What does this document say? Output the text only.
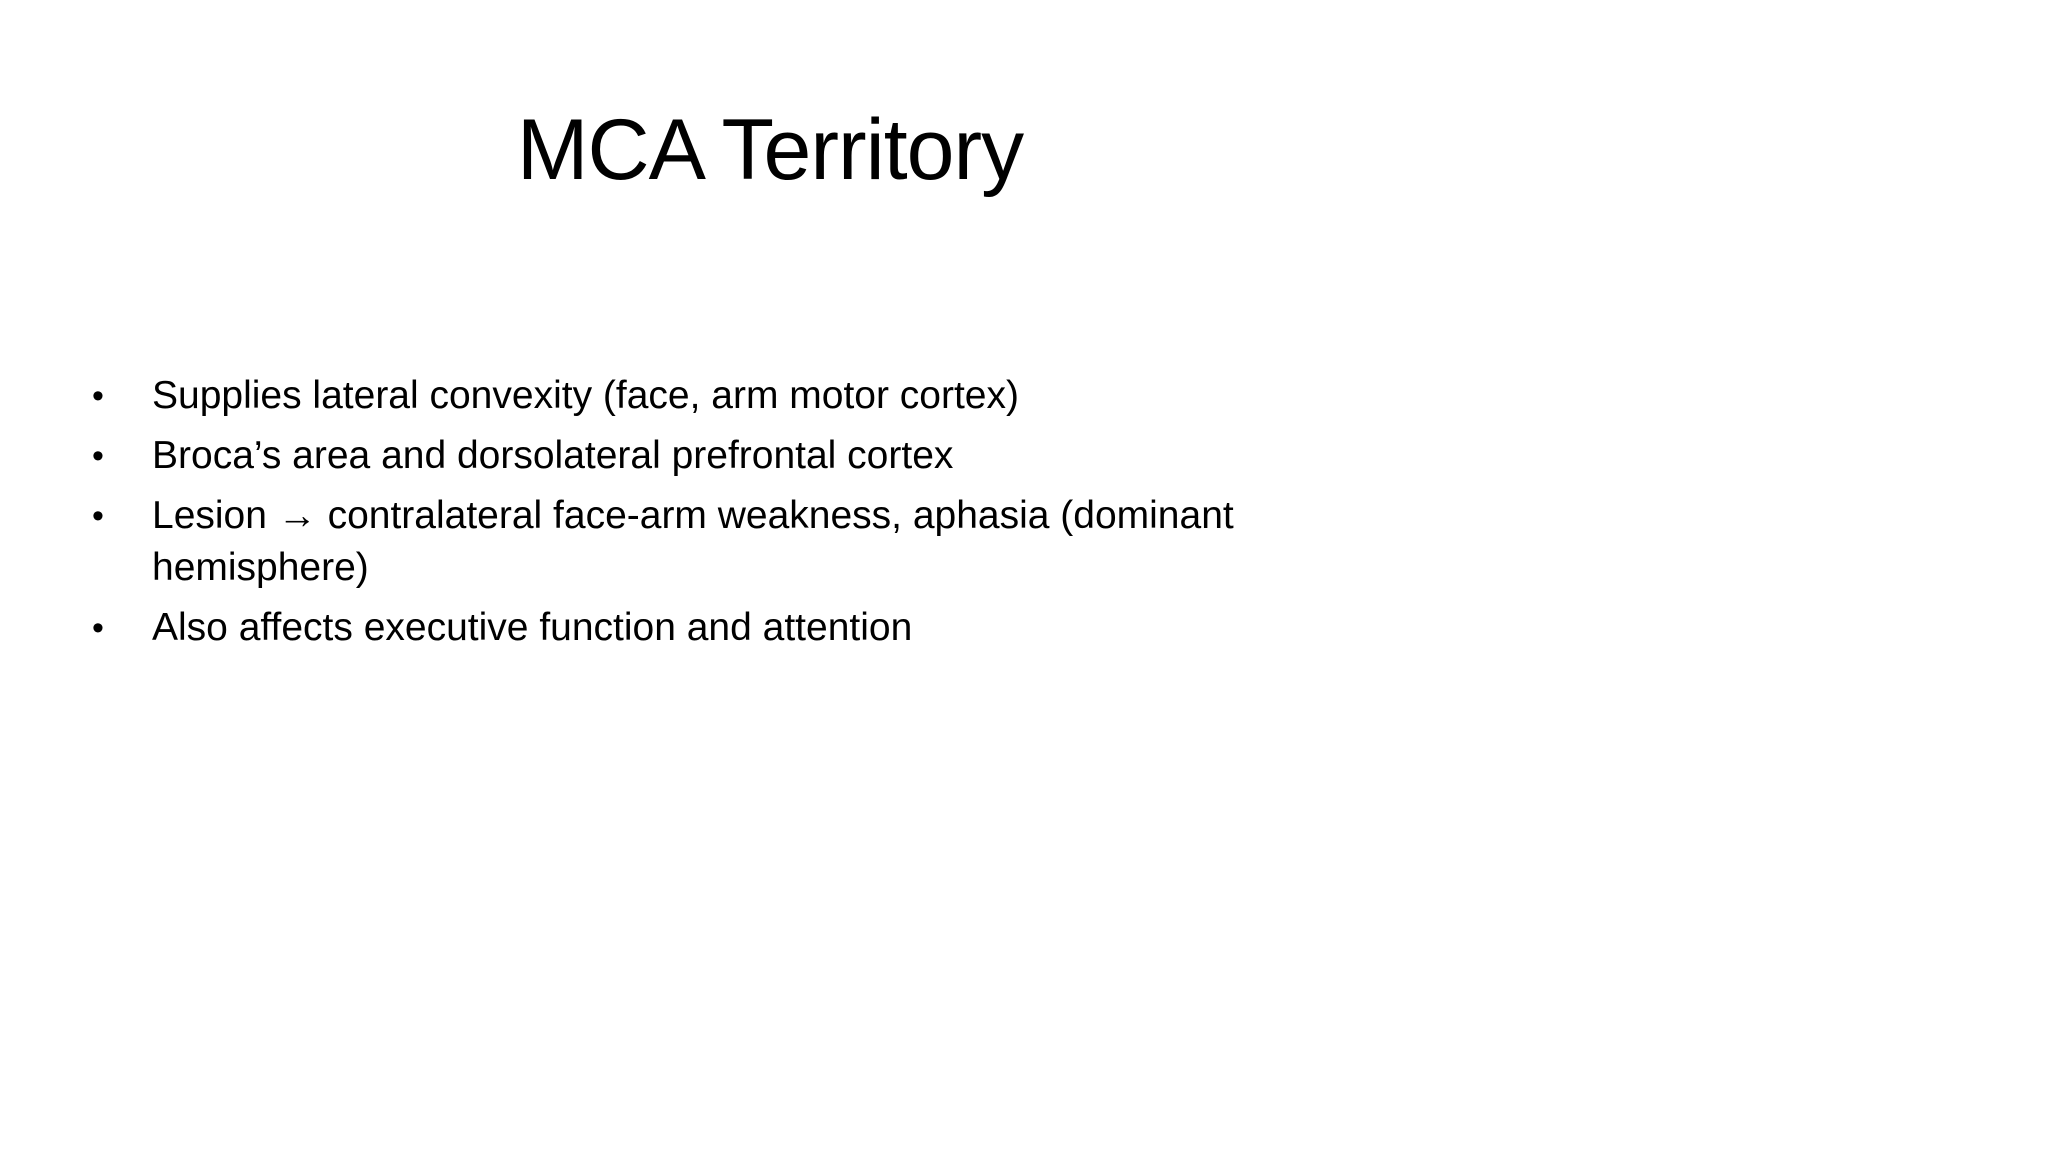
MCA Territory
•	Supplies lateral convexity (face, arm motor cortex)
•	Broca’s area and dorsolateral prefrontal cortex
•	Lesion → contralateral face-arm weakness, aphasia (dominant hemisphere)
•	Also affects executive function and attention
